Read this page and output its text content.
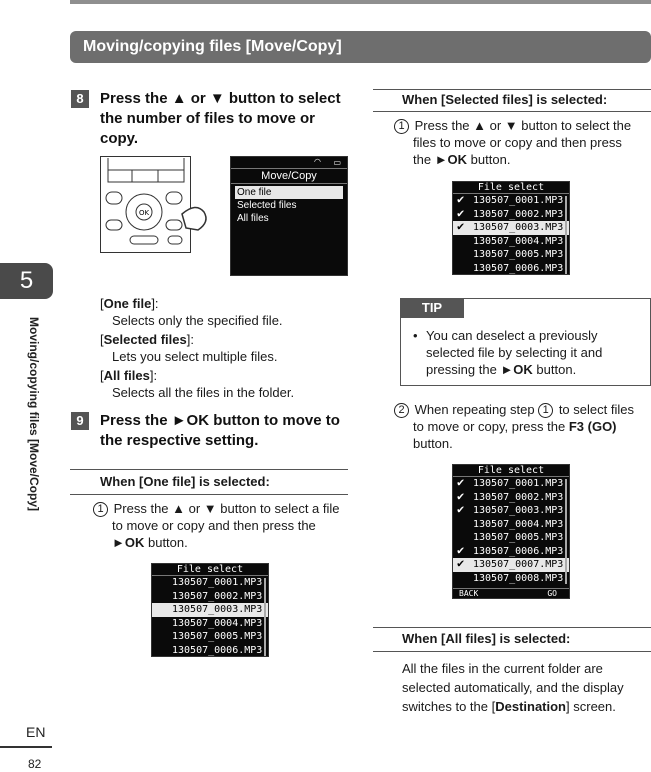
Moving/copying files [Move/Copy]
5
Moving/copying files [Move/Copy]
EN
82
8	Press the ▲ or ▼ button to select
the number of files to move or
copy.
OK
▭
◠
Move/Copy
One file
Selected files
All files
[One file]:
Selects only the specified file.
[Selected files]:
Lets you select multiple files.
[All files]:
Selects all the files in the folder.
9	Press the ►OK button to move to
the respective setting.
When [One file] is selected:
1 Press the ▲ or ▼ button to select a file
to move or copy and then press the
►OK button.
File select
130507_0001.MP3
130507_0002.MP3
130507_0003.MP3
130507_0004.MP3
130507_0005.MP3
130507_0006.MP3
When [Selected files] is selected:
1 Press the ▲ or ▼ button to select the
files to move or copy and then press
the ►OK button.
File select
✔ 130507_0001.MP3
✔ 130507_0002.MP3
✔ 130507_0003.MP3
130507_0004.MP3
130507_0005.MP3
130507_0006.MP3
TIP
• You can deselect a previously
selected file by selecting it and
pressing the ►OK button.
2 When repeating step 1 to select files
to move or copy, press the F3 (GO)
button.
File select
✔ 130507_0001.MP3
✔ 130507_0002.MP3
✔ 130507_0003.MP3
130507_0004.MP3
130507_0005.MP3
✔ 130507_0006.MP3
✔ 130507_0007.MP3
130507_0008.MP3
BACK	GO
When [All files] is selected:
All the files in the current folder are
selected automatically, and the display
switches to the [Destination] screen.
